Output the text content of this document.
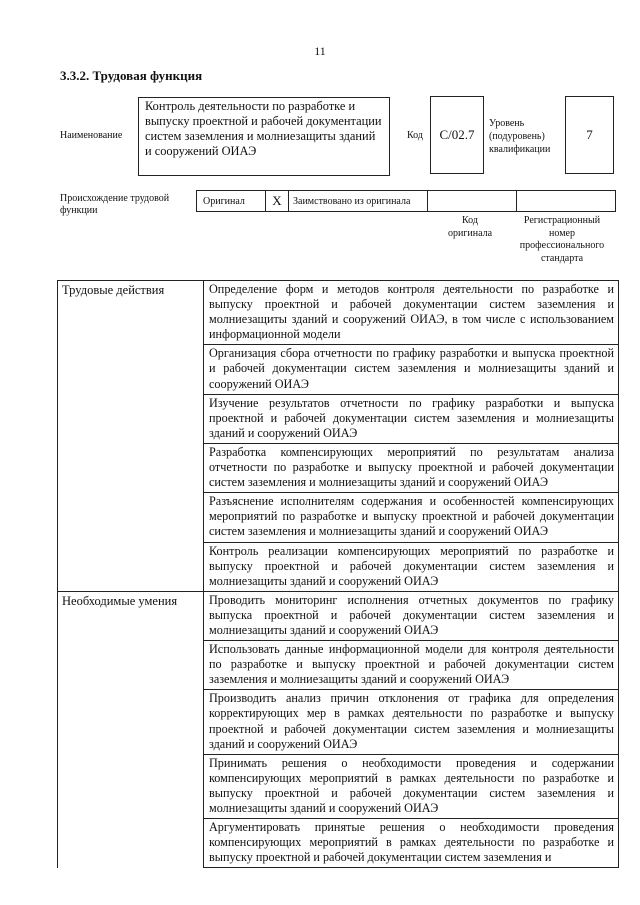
11
3.3.2. Трудовая функция
Наименование
Контроль деятельности по разработке и выпуску проектной и рабочей документации систем заземления и молниезащиты зданий и сооружений ОИАЭ
Код	С/02.7
Уровень (подуровень) квалификации
7
Происхождение трудовой функции
Оригинал	X	Заимствовано из оригинала
Код оригинала
Регистрационный номер профессионального стандарта
Трудовые действия	Определение форм и методов контроля деятельности по разработке и выпуску проектной и рабочей документации систем заземления и молниезащиты зданий и сооружений ОИАЭ, в том числе с использованием информационной модели
	Организация сбора отчетности по графику разработки и выпуска проектной и рабочей документации систем заземления и молниезащиты зданий и сооружений ОИАЭ
	Изучение результатов отчетности по графику разработки и выпуска проектной и рабочей документации систем заземления и молниезащиты зданий и сооружений ОИАЭ
	Разработка компенсирующих мероприятий по результатам анализа отчетности по разработке и выпуску проектной и рабочей документации систем заземления и молниезащиты зданий и сооружений ОИАЭ
	Разъяснение исполнителям содержания и особенностей компенсирующих мероприятий по разработке и выпуску проектной и рабочей документации систем заземления и молниезащиты зданий и сооружений ОИАЭ
	Контроль реализации компенсирующих мероприятий по разработке и выпуску проектной и рабочей документации систем заземления и молниезащиты зданий и сооружений ОИАЭ
Необходимые умения	Проводить мониторинг исполнения отчетных документов по графику выпуска проектной и рабочей документации систем заземления и молниезащиты зданий и сооружений ОИАЭ
	Использовать данные информационной модели для контроля деятельности по разработке и выпуску проектной и рабочей документации систем заземления и молниезащиты зданий и сооружений ОИАЭ
	Производить анализ причин отклонения от графика для определения корректирующих мер в рамках деятельности по разработке и выпуску проектной и рабочей документации систем заземления и молниезащиты зданий и сооружений ОИАЭ
	Принимать решения о необходимости проведения и содержании компенсирующих мероприятий в рамках деятельности по разработке и выпуску проектной и рабочей документации систем заземления и молниезащиты зданий и сооружений ОИАЭ
	Аргументировать принятые решения о необходимости проведения компенсирующих мероприятий в рамках деятельности по разработке и выпуску проектной и рабочей документации систем заземления и
